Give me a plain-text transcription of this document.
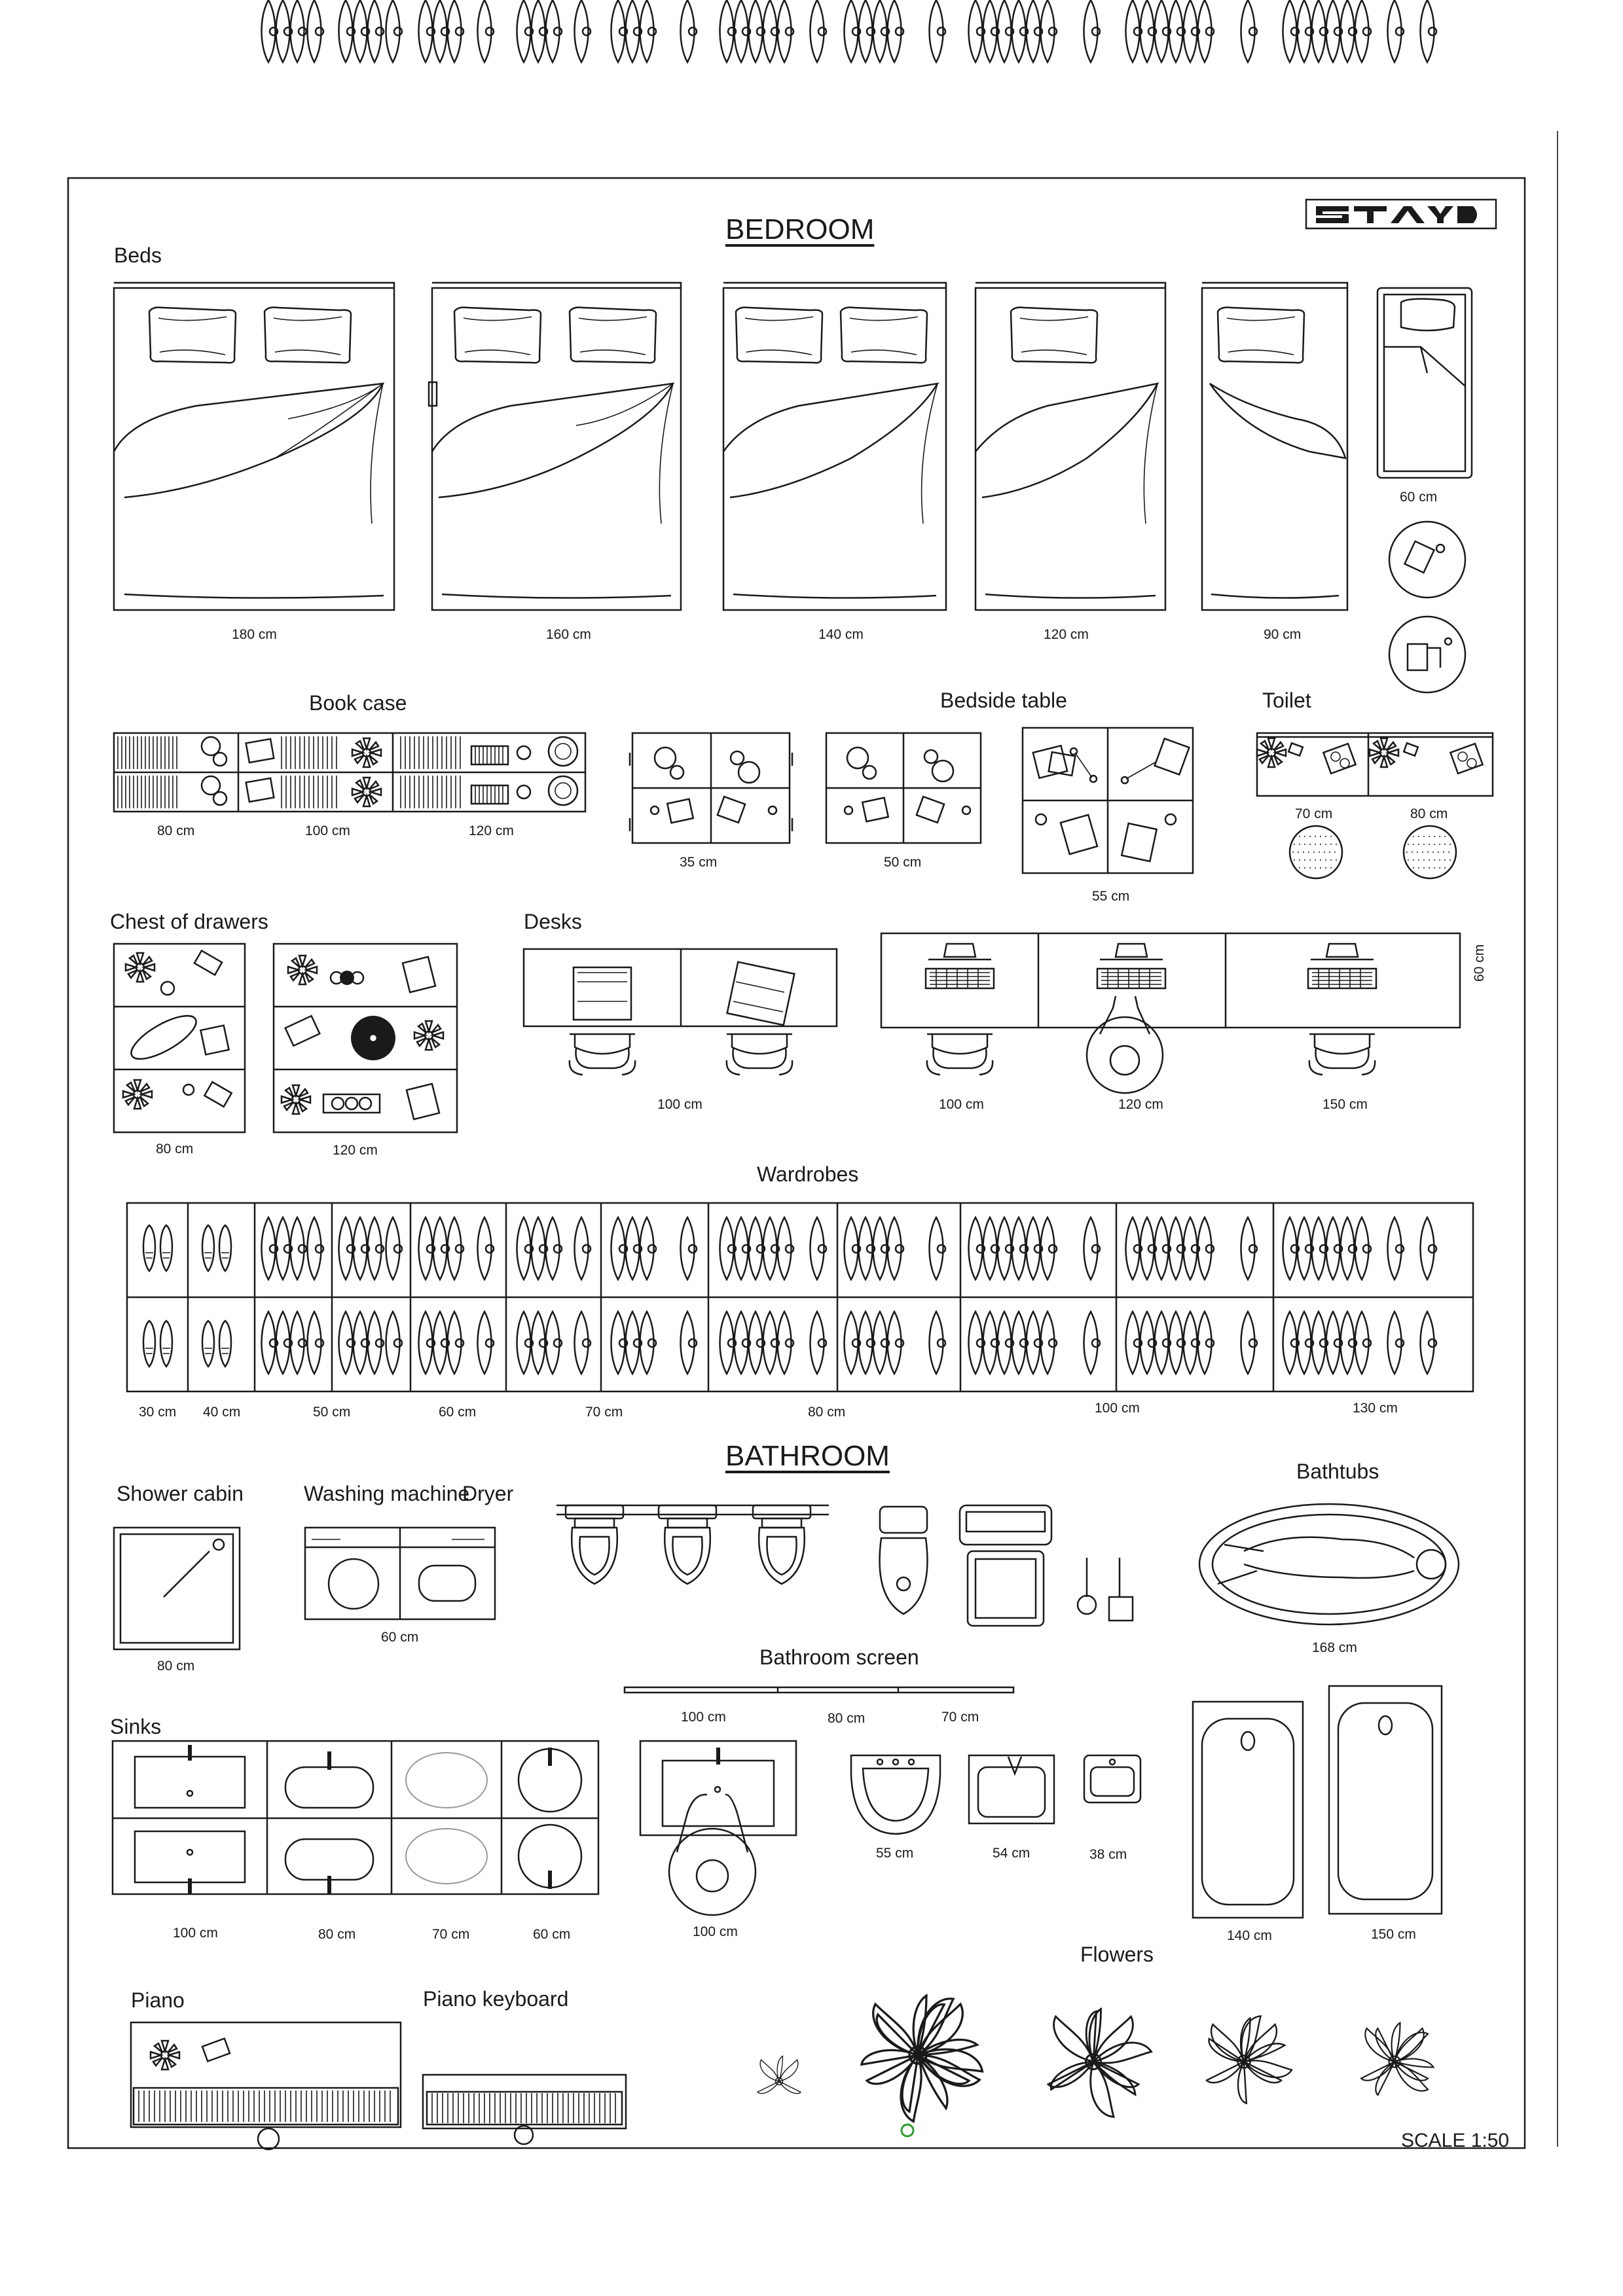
BEDROOM
BATHROOM
SCALE 1:50
Beds
Book case	Bedside table	Toilet
Chest of drawers	Desks
Wardrobes
Shower cabin	Washing machine
Dryer
Bathtubs
Bathroom screen
Sinks
Flowers
Piano	Piano keyboard
180 cm	160 cm	140 cm	120 cm	90 cm
60 cm
80 cm	100 cm	120 cm
35 cm	50 cm
55 cm
70 cm	80 cm
80 cm	120 cm
100 cm	100 cm	120 cm	150 cm
60 cm
30 cm 40 cm	50 cm	60 cm	70 cm	80 cm	100 cm	130 cm
80 cm
60 cm
168 cm
100 cm	80 cm	70 cm
100 cm	80 cm	70 cm	60 cm	100 cm
55 cm	54 cm	38 cm
140 cm	150 cm
